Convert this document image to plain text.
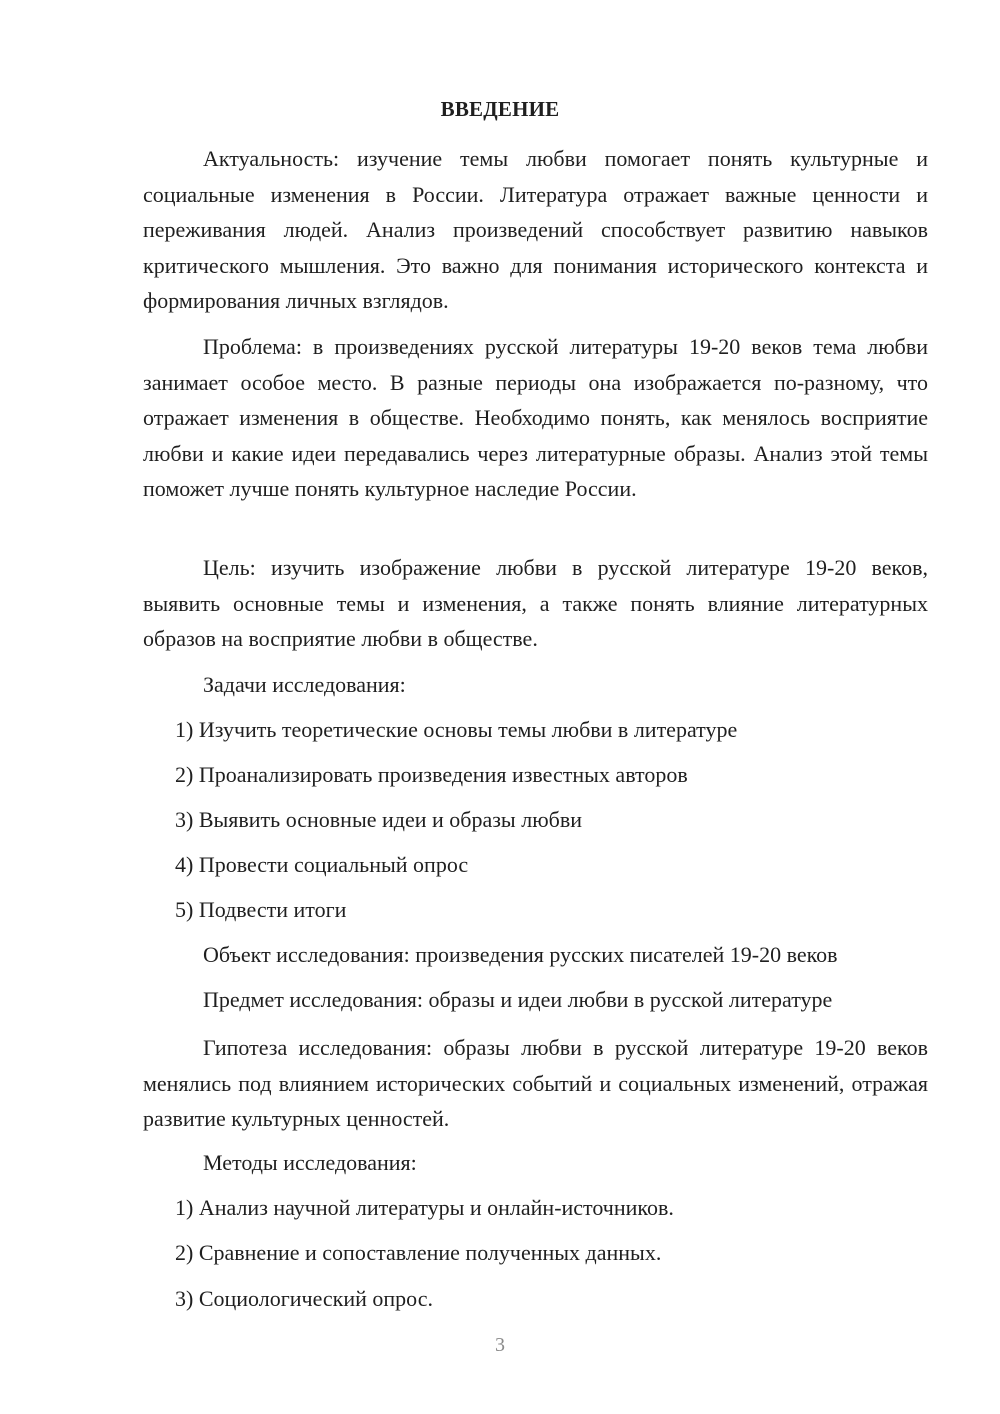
ВВЕДЕНИЕ

Актуальность: изучение темы любви помогает понять культурные и социальные изменения в России. Литература отражает важные ценности и переживания людей. Анализ произведений способствует развитию навыков критического мышления. Это важно для понимания исторического контекста и формирования личных взглядов.

Проблема: в произведениях русской литературы 19-20 веков тема любви занимает особое место. В разные периоды она изображается по-разному, что отражает изменения в обществе. Необходимо понять, как менялось восприятие любви и какие идеи передавались через литературные образы. Анализ этой темы поможет лучше понять культурное наследие России.

Цель: изучить изображение любви в русской литературе 19-20 веков, выявить основные темы и изменения, а также понять влияние литературных образов на восприятие любви в обществе.

Задачи исследования:

1) Изучить теоретические основы темы любви в литературе

2) Проанализировать произведения известных авторов

3) Выявить основные идеи и образы любви

4) Провести социальный опрос

5) Подвести итоги

Объект исследования: произведения русских писателей 19-20 веков

Предмет исследования: образы и идеи любви в русской литературе

Гипотеза исследования: образы любви в русской литературе 19-20 веков менялись под влиянием исторических событий и социальных изменений, отражая развитие культурных ценностей.

Методы исследования:

1) Анализ научной литературы и онлайн-источников.

2) Сравнение и сопоставление полученных данных.

3) Социологический опрос.

3
